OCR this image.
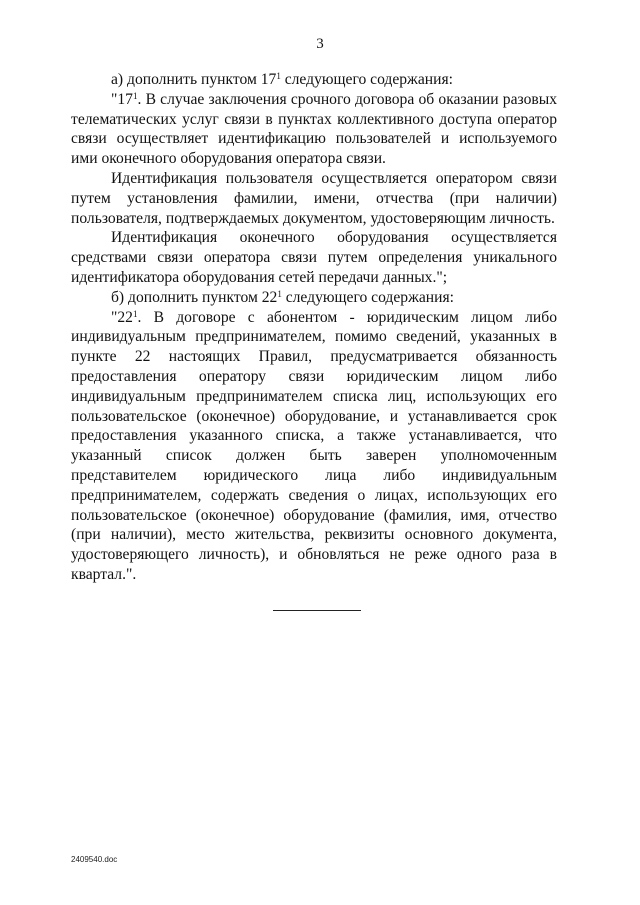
3

а) дополнить пунктом $17^1$ следующего содержания:

"$17^1$. В случае заключения срочного договора об оказании разовых телематических услуг связи в пунктах коллективного доступа оператор связи осуществляет идентификацию пользователей и используемого ими оконечного оборудования оператора связи.

Идентификация пользователя осуществляется оператором связи путем установления фамилии, имени, отчества (при наличии) пользователя, подтверждаемых документом, удостоверяющим личность.

Идентификация оконечного оборудования осуществляется средствами связи оператора связи путем определения уникального идентификатора оборудования сетей передачи данных.";

б) дополнить пунктом $22^1$ следующего содержания:

"$22^1$. В договоре с абонентом - юридическим лицом либо индивидуальным предпринимателем, помимо сведений, указанных в пункте 22 настоящих Правил, предусматривается обязанность предоставления оператору связи юридическим лицом либо индивидуальным предпринимателем списка лиц, использующих его пользовательское (оконечное) оборудование, и устанавливается срок предоставления указанного списка, а также устанавливается, что указанный список должен быть заверен уполномоченным представителем юридического лица либо индивидуальным предпринимателем, содержать сведения о лицах, использующих его пользовательское (оконечное) оборудование (фамилия, имя, отчество (при наличии), место жительства, реквизиты основного документа, удостоверяющего личность), и обновляться не реже одного раза в квартал.".

2409540.doc
